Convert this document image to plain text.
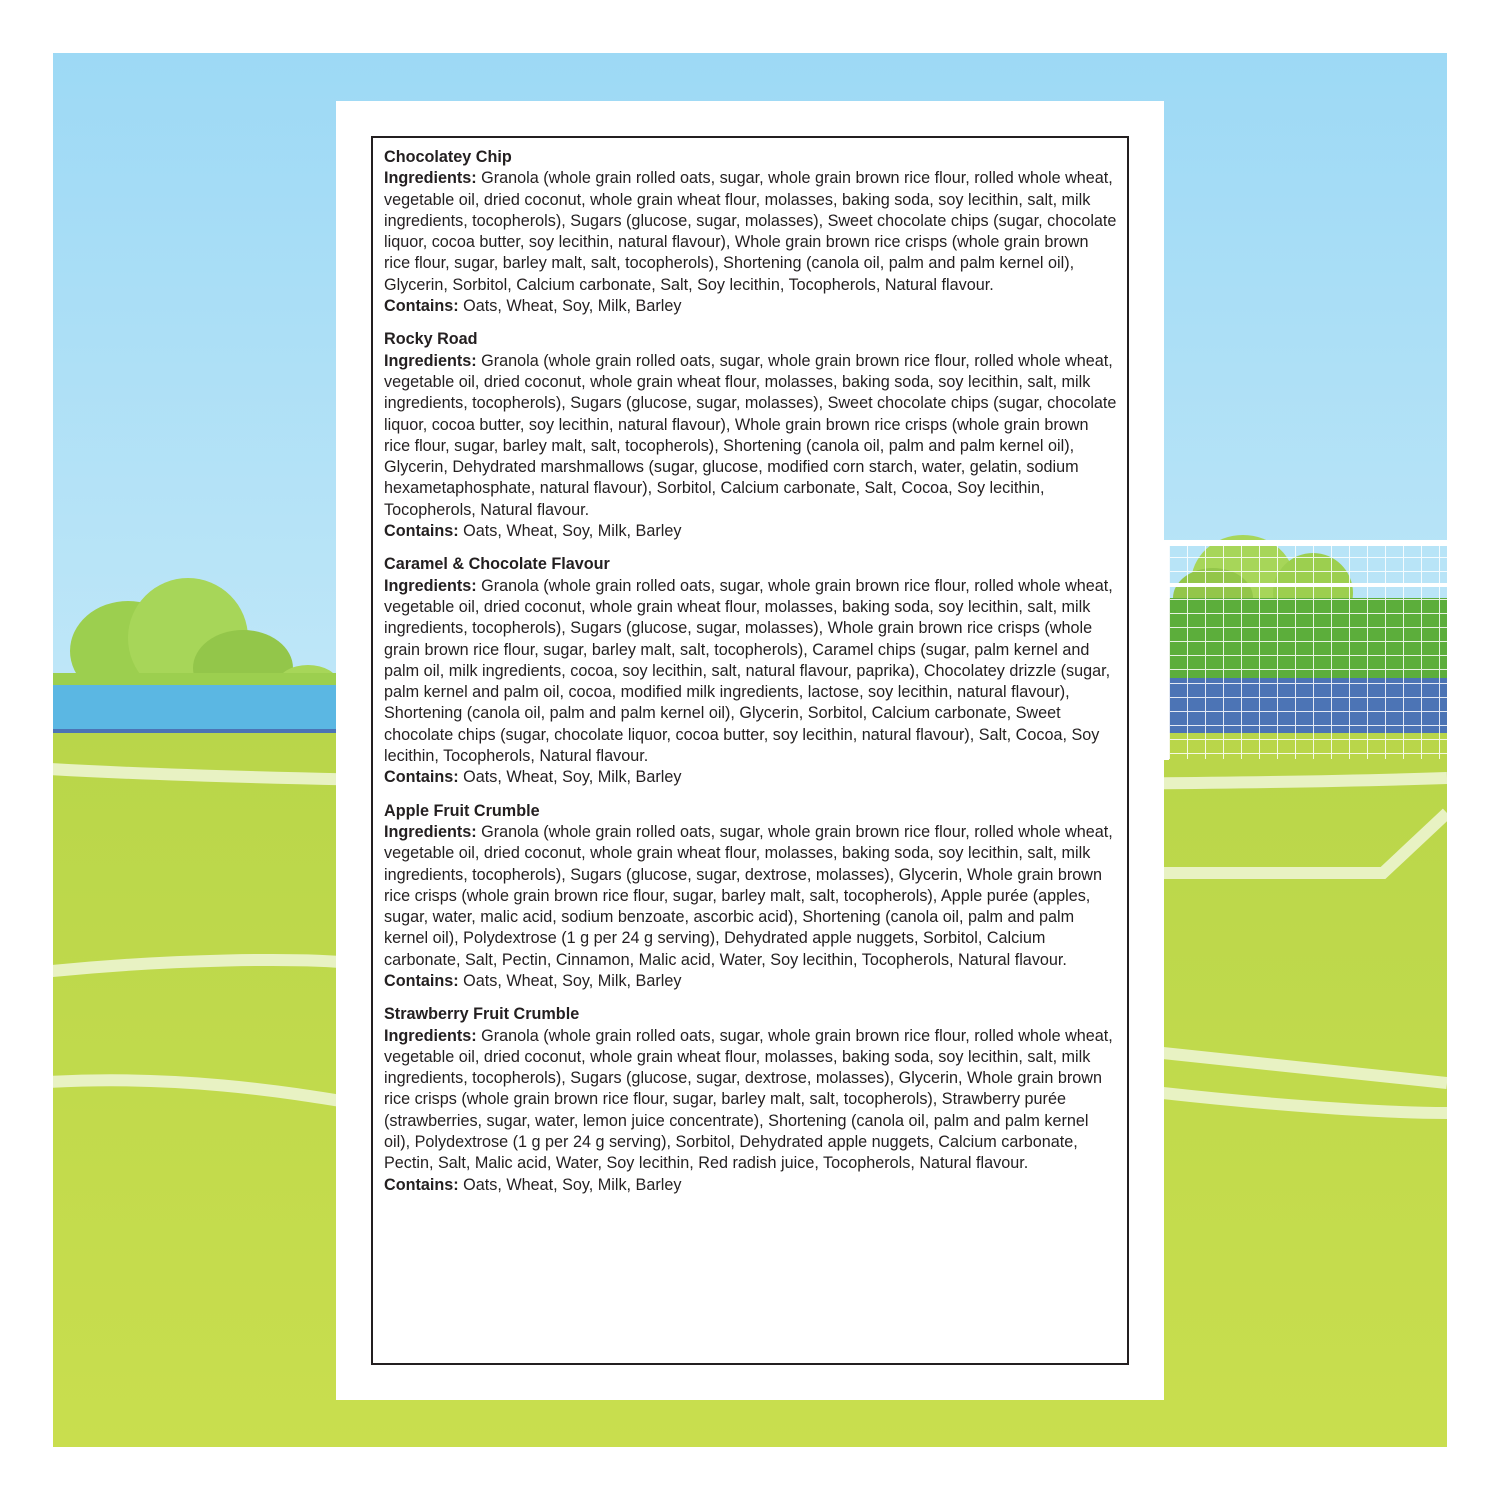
Chocolatey Chip

Ingredients: Granola (whole grain rolled oats, sugar, whole grain brown rice flour, rolled whole wheat, vegetable oil, dried coconut, whole grain wheat flour, molasses, baking soda, soy lecithin, salt, milk ingredients, tocopherols), Sugars (glucose, sugar, molasses), Sweet chocolate chips (sugar, chocolate liquor, cocoa butter, soy lecithin, natural flavour), Whole grain brown rice crisps (whole grain brown rice flour, sugar, barley malt, salt, tocopherols), Shortening (canola oil, palm and palm kernel oil), Glycerin, Sorbitol, Calcium carbonate, Salt, Soy lecithin, Tocopherols, Natural flavour.

Contains: Oats, Wheat, Soy, Milk, Barley

Rocky Road

Ingredients: Granola (whole grain rolled oats, sugar, whole grain brown rice flour, rolled whole wheat, vegetable oil, dried coconut, whole grain wheat flour, molasses, baking soda, soy lecithin, salt, milk ingredients, tocopherols), Sugars (glucose, sugar, molasses), Sweet chocolate chips (sugar, chocolate liquor, cocoa butter, soy lecithin, natural flavour), Whole grain brown rice crisps (whole grain brown rice flour, sugar, barley malt, salt, tocopherols), Shortening (canola oil, palm and palm kernel oil), Glycerin, Dehydrated marshmallows (sugar, glucose, modified corn starch, water, gelatin, sodium hexametaphosphate, natural flavour), Sorbitol, Calcium carbonate, Salt, Cocoa, Soy lecithin, Tocopherols, Natural flavour.

Contains: Oats, Wheat, Soy, Milk, Barley

Caramel & Chocolate Flavour

Ingredients: Granola (whole grain rolled oats, sugar, whole grain brown rice flour, rolled whole wheat, vegetable oil, dried coconut, whole grain wheat flour, molasses, baking soda, soy lecithin, salt, milk ingredients, tocopherols), Sugars (glucose, sugar, molasses), Whole grain brown rice crisps (whole grain brown rice flour, sugar, barley malt, salt, tocopherols), Caramel chips (sugar, palm kernel and palm oil, milk ingredients, cocoa, soy lecithin, salt, natural flavour, paprika), Chocolatey drizzle (sugar, palm kernel and palm oil, cocoa, modified milk ingredients, lactose, soy lecithin, natural flavour), Shortening (canola oil, palm and palm kernel oil), Glycerin, Sorbitol, Calcium carbonate, Sweet chocolate chips (sugar, chocolate liquor, cocoa butter, soy lecithin, natural flavour), Salt, Cocoa, Soy lecithin, Tocopherols, Natural flavour.

Contains: Oats, Wheat, Soy, Milk, Barley

Apple Fruit Crumble

Ingredients: Granola (whole grain rolled oats, sugar, whole grain brown rice flour, rolled whole wheat, vegetable oil, dried coconut, whole grain wheat flour, molasses, baking soda, soy lecithin, salt, milk ingredients, tocopherols), Sugars (glucose, sugar, dextrose, molasses), Glycerin, Whole grain brown rice crisps (whole grain brown rice flour, sugar, barley malt, salt, tocopherols), Apple purée (apples, sugar, water, malic acid, sodium benzoate, ascorbic acid), Shortening (canola oil, palm and palm kernel oil), Polydextrose (1 g per 24 g serving), Dehydrated apple nuggets, Sorbitol, Calcium carbonate, Salt, Pectin, Cinnamon, Malic acid, Water, Soy lecithin, Tocopherols, Natural flavour.

Contains: Oats, Wheat, Soy, Milk, Barley

Strawberry Fruit Crumble

Ingredients: Granola (whole grain rolled oats, sugar, whole grain brown rice flour, rolled whole wheat, vegetable oil, dried coconut, whole grain wheat flour, molasses, baking soda, soy lecithin, salt, milk ingredients, tocopherols), Sugars (glucose, sugar, dextrose, molasses), Glycerin, Whole grain brown rice crisps (whole grain brown rice flour, sugar, barley malt, salt, tocopherols), Strawberry purée (strawberries, sugar, water, lemon juice concentrate), Shortening (canola oil, palm and palm kernel oil), Polydextrose (1 g per 24 g serving), Sorbitol, Dehydrated apple nuggets, Calcium carbonate, Pectin, Salt, Malic acid, Water, Soy lecithin, Red radish juice, Tocopherols, Natural flavour.

Contains: Oats, Wheat, Soy, Milk, Barley
